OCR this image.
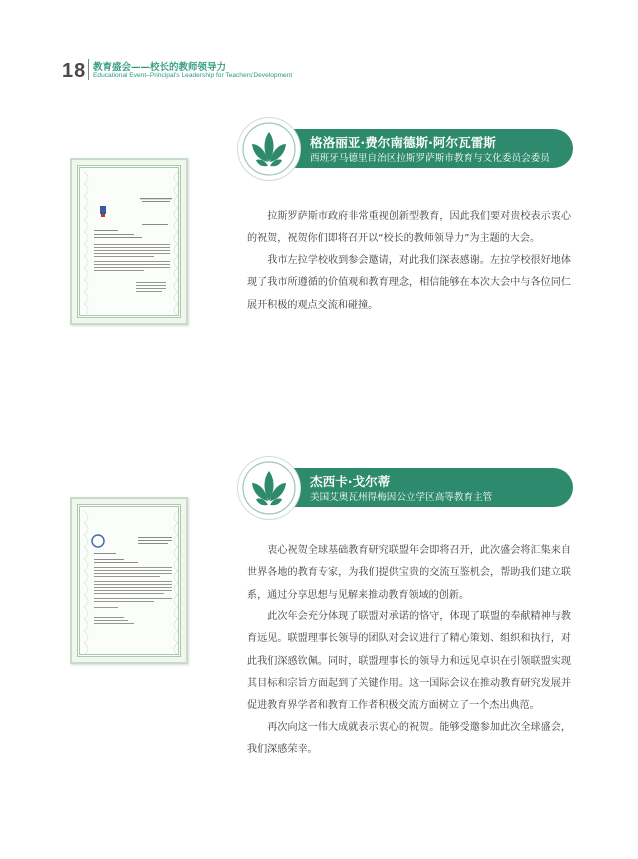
18 教育盛会——校长的教师领导力
Educational Event–Principal's Leadership for Teachers'Development
格洛丽亚·费尔南德斯·阿尔瓦雷斯
西班牙马德里自治区拉斯罗萨斯市教育与文化委员会委员

拉斯罗萨斯市政府非常重视创新型教育，因此我们要对贵校表示衷心的祝贺，祝贺你们即将召开以“校长的教师领导力”为主题的大会。

我市左拉学校收到参会邀请，对此我们深表感谢。左拉学校很好地体现了我市所遵循的价值观和教育理念，相信能够在本次大会中与各位同仁展开积极的观点交流和碰撞。

杰西卡·戈尔蒂
美国艾奥瓦州得梅因公立学区高等教育主管

衷心祝贺全球基础教育研究联盟年会即将召开，此次盛会将汇集来自世界各地的教育专家，为我们提供宝贵的交流互鉴机会，帮助我们建立联系，通过分享思想与见解来推动教育领域的创新。

此次年会充分体现了联盟对承诺的恪守，体现了联盟的奉献精神与教育远见。联盟理事长领导的团队对会议进行了精心策划、组织和执行，对此我们深感钦佩。同时，联盟理事长的领导力和远见卓识在引领联盟实现其目标和宗旨方面起到了关键作用。这一国际会议在推动教育研究发展并促进教育界学者和教育工作者积极交流方面树立了一个杰出典范。

再次向这一伟大成就表示衷心的祝贺。能够受邀参加此次全球盛会，我们深感荣幸。
